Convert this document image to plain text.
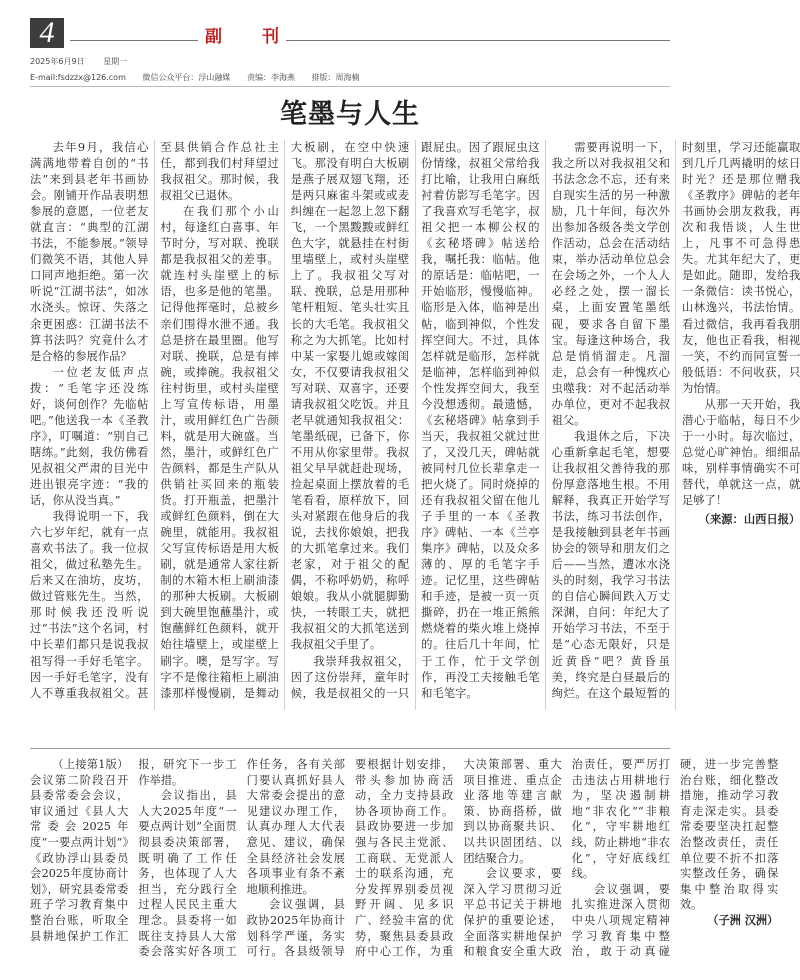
4	副 刊
2025年6月9日 星期一
E-mail:fsdzzx@126.com 微信公众平台：浮山融媒 责编：李海燕 排版：周海楠
笔墨与人生

去年9月，我信心满满地带着自创的“书法”来到县老年书画协会。刚铺开作品表明想参展的意愿，一位老友就直言：“典型的江湖书法，不能参展。”领导们微笑不语，其他人异口同声地拒绝。第一次听说“江湖书法”，如冰水浇头。惊讶、失落之余更困惑：江湖书法不算书法吗？究竟什么才是合格的参展作品？

一位老友低声点拨：“毛笔字还没练好，谈何创作？先临帖吧。”他送我一本《圣教序》，叮嘱道：“别自己瞎练。”此刻，我仿佛看见叔祖父严肃的目光中进出银亮字迹：“我的话，你从没当真。”

我得说明一下，我六七岁年纪，就有一点喜欢书法了。我一位叔祖父，做过私塾先生。后来又在油坊，皮坊，做过管账先生。当然，那时候我还没听说过“书法”这个名词，村中长辈们都只是说我叔祖写得一手好毛笔字。因一手好毛笔字，没有人不尊重我叔祖父。甚至县供销合作总社主任，都到我们村拜望过我叔祖父。那时候，我叔祖父已退休。

在我们那个小山村，每逢红白喜事、年节时分，写对联、挽联都是我叔祖父的差事。就连村头崖壁上的标语，也多是他的笔墨。记得他挥毫时，总被乡亲们围得水泄不通。我总是挤在最里圈。他写对联、挽联，总是有摔碗，或捧碗。我叔祖父往村街里，或村头崖壁上写宣传标语，用墨汁，或用鲜红色广告颜料，就是用大碗盛。当然，墨汁，或鲜红色广告颜料，都是生产队从供销社买回来的瓶装货。打开瓶盖，把墨汁或鲜红色颜料，倒在大碗里，就能用。我叔祖父写宣传标语是用大板刷，就是通常人家往新制的木箱木柜上刷油漆的那种大板刷。大板刷到大碗里饱蘸墨汁，或饱蘸鲜红色颜料，就开始往墙壁上，或崖壁上刷字。噢，是写字。写字不是像往箱柜上刷油漆那样慢慢刷，是舞动大板刷，在空中快速飞。那没有明白大板刷是燕子展双翅飞翔，还是两只麻雀斗架或或麦纠缠在一起忽上忽下翻飞，一个黑黢黢或鲜红色大字，就悬挂在村街里墙壁上，或村头崖壁上了。我叔祖父写对联、挽联，总是用那种笔杆粗短、笔头壮实且长的大毛笔。我叔祖父称之为大抓笔。比如村中某一家娶儿媳或嫁闺女，不仅要请我叔祖父写对联、双喜字，还要请我叔祖父吃饭。并且老早就通知我叔祖父：笔墨纸砚，已备下，你不用从你家里带。我叔祖父早早就赶赴现场，捡起桌面上摆放着的毛笔看看，原样放下，回头对紧跟在他身后的我说，去找你娘娘，把我的大抓笔拿过来。我们老家，对于祖父的配偶，不称呼奶奶，称呼娘娘。我从小就腿脚勤快，一转眼工夫，就把我叔祖父的大抓笔送到我叔祖父手里了。

我崇拜我叔祖父，因了这份崇拜，童年时候，我是叔祖父的一只跟屁虫。因了跟屁虫这份情缘，叔祖父常给我打比喻，让我用白麻纸衬着仿影写毛笔字。因了我喜欢写毛笔字，叔祖父把一本柳公权的《玄秘塔碑》帖送给我，嘱托我：临帖。他的原话是：临帖吧，一开始临形，慢慢临神。临形是入体，临神是出帖，临到神似，个性发挥空间大。不过，具体怎样就是临形，怎样就是临神，怎样临到神似个性发挥空间大，我至今没想透彻。最遗憾，《玄秘塔碑》帖拿到手当天，我叔祖父就过世了，又没几天，碑帖就被同村几位长辈拿走一把火烧了。同时烧掉的还有我叔祖父留在他儿子手里的一本《圣教序》碑帖、一本《兰亭集序》碑帖，以及众多薄的、厚的毛笔字手迹。记忆里，这些碑帖和手迹，是被一页一页撕碎，扔在一堆正熊熊燃烧着的柴火堆上烧掉的。往后几十年间，忙于工作，忙于文学创作，再没工夫接触毛笔和毛笔字。

需要再说明一下，我之所以对我叔祖父和书法念念不忘，还有来自现实生活的另一种激励，几十年间，每次外出参加各级各类文学创作活动，总会在活动结束，举办活动单位总会在会场之外，一个人人必经之处，摆一溜长桌，上面安置笔墨纸砚，要求各自留下墨宝。每逢这种场合，我总是悄悄溜走。凡溜走，总会有一种愧疚心虫噬我：对不起活动举办单位，更对不起我叔祖父。

我退休之后，下决心重新拿起毛笔，想要让我叔祖父善待我的那份厚意落地生根。不用解释，我真正开始学写书法，练习书法创作，是我接触到县老年书画协会的领导和朋友们之后——当然，遭冰水浇头的时刻，我学习书法的自信心瞬间跌入万丈深渊，自问：年纪大了开始学习书法，不至于是“心态无限好，只是近黄昏”吧？黄昏虽美，终究是白昼最后的绚烂。在这个最短暂的时刻里，学习还能赢取到几斤几两撬明的炫日时光？还是那位赠我《圣教序》碑帖的老年书画协会朋友救我，再次和我悟谈，人生世上，凡事不可急得患失。尤其年纪大了，更是如此。随即，发给我一条微信：读书悦心，山林逸兴，书法怡情。看过微信，我再看我朋友，他也正看我，相视一笑，不约而同宣誓一般低语：不问收获，只为怡情。

从那一天开始，我潜心于临帖，每日不少于一小时。每次临过，总觉心旷神怡。细细品味，别样事情确实不可替代，单就这一点，就足够了！

（来源：山西日报）

（上接第1版）会议第二阶段召开县委常委会会议，审议通过《县人大常委会2025年度“一要点两计划”》《政协浮山县委员会2025年度协商计划》，研究县委常委班子学习教育集中整治台账，听取全县耕地保护工作汇报，研究下一步工作举措。

会议指出，县人大2025年度“一要点两计划”全面贯彻县委决策部署，既明确了工作任务，也体现了人大担当，充分践行全过程人民民主重大理念。县委将一如既往支持县人大常委会落实好各项工作任务，各有关部门要认真抓好县人大常委会提出的意见建议办理工作，认真办理人大代表意见、建议，确保全县经济社会发展各项事业有条不紊地顺利推进。

会议强调，县政协2025年协商计划科学严谨，务实可行。各县级领导要根据计划安排，带头参加协商活动，全力支持县政协各项协商工作。县政协要进一步加强与各民主党派、工商联、无党派人士的联系沟通，充分发挥界别委员视野开阔、见多识广、经验丰富的优势，聚焦县委县政府中心工作，为重大决策部署、重大项目推进、重点企业落地等建言献策、协商搭桥，做到以协商聚共识、以共识固团结、以团结聚合力。

会议要求，要深入学习贯彻习近平总书记关于耕地保护的重要论述，全面落实耕地保护和粮食安全重大政治责任，要严厉打击违法占用耕地行为，坚决遏制耕地“非农化”“非粮化”，守牢耕地红线，防止耕地“非农化”，守好底线红线。

会议强调，要扎实推进深入贯彻中央八项规定精神学习教育集中整治，敢于动真碰硬，进一步完善整治台账，细化整改措施，推动学习教育走深走实。县委常委要坚决扛起整治整改责任，责任单位要不折不扣落实整改任务，确保集中整治取得实效。

（子洲 汉洲）
